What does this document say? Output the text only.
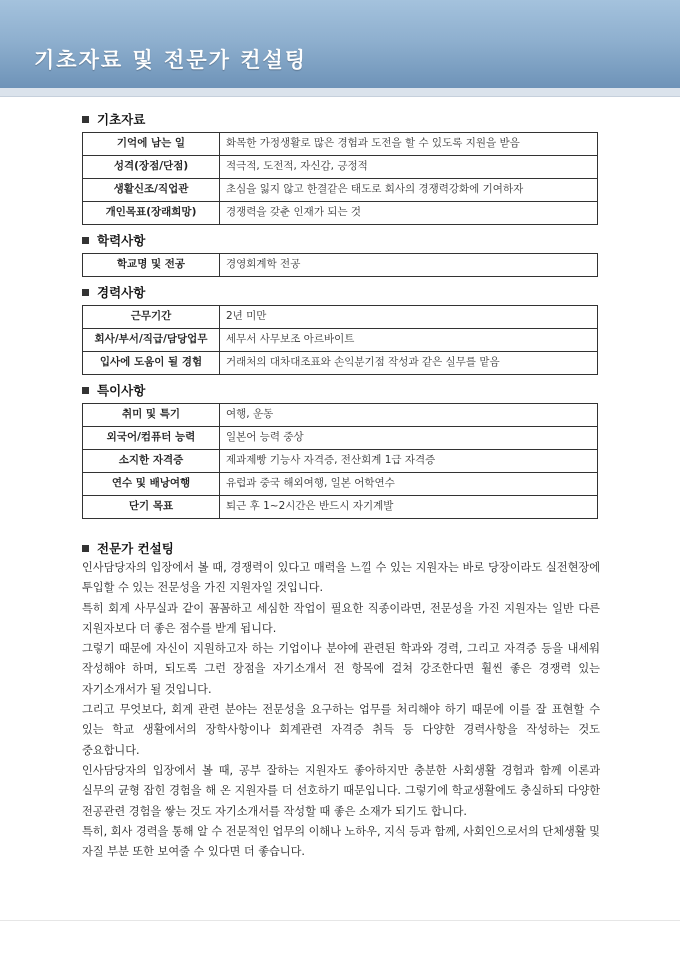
기초자료 및 전문가 컨설팅
기초자료
기억에 남는 일	화목한 가정생활로 많은 경험과 도전을 할 수 있도록 지원을 받음
성격(장점/단점)	적극적, 도전적, 자신감, 긍정적
생활신조/직업관	초심을 잃지 않고 한결같은 태도로 회사의 경쟁력강화에 기여하자
개인목표(장래희망)	경쟁력을 갖춘 인재가 되는 것
학력사항
학교명 및 전공	경영회계학 전공
경력사항
근무기간	2년 미만
회사/부서/직급/담당업무	세무서 사무보조 아르바이트
입사에 도움이 될 경험	거래처의 대차대조표와 손익분기점 작성과 같은 실무를 맡음
특이사항
취미 및 특기	여행, 운동
외국어/컴퓨터 능력	일본어 능력 중상
소지한 자격증	제과제빵 기능사 자격증, 전산회계 1급 자격증
연수 및 배낭여행	유럽과 중국 해외여행, 일본 어학연수
단기 목표	퇴근 후 1~2시간은 반드시 자기계발
전문가 컨설팅

인사담당자의 입장에서 볼 때, 경쟁력이 있다고 매력을 느낄 수 있는 지원자는 바로 당장이라도 실전현장에 투입할 수 있는 전문성을 가진 지원자일 것입니다.

특히 회계 사무실과 같이 꼼꼼하고 세심한 작업이 필요한 직종이라면, 전문성을 가진 지원자는 일반 다른 지원자보다 더 좋은 점수를 받게 됩니다.

그렇기 때문에 자신이 지원하고자 하는 기업이나 분야에 관련된 학과와 경력, 그리고 자격증 등을 내세워 작성해야 하며, 되도록 그런 장점을 자기소개서 전 항목에 걸쳐 강조한다면 훨씬 좋은 경쟁력 있는 자기소개서가 될 것입니다.

그리고 무엇보다, 회계 관련 분야는 전문성을 요구하는 업무를 처리해야 하기 때문에 이를 잘 표현할 수 있는 학교 생활에서의 장학사항이나 회계관련 자격증 취득 등 다양한 경력사항을 작성하는 것도 중요합니다.

인사담당자의 입장에서 볼 때, 공부 잘하는 지원자도 좋아하지만 충분한 사회생활 경험과 함께 이론과 실무의 균형 잡힌 경험을 해 온 지원자를 더 선호하기 때문입니다. 그렇기에 학교생활에도 충실하되 다양한 전공관련 경험을 쌓는 것도 자기소개서를 작성할 때 좋은 소재가 되기도 합니다.

특히, 회사 경력을 통해 알 수 전문적인 업무의 이해나 노하우, 지식 등과 함께, 사회인으로서의 단체생활 및 자질 부분 또한 보여줄 수 있다면 더 좋습니다.
